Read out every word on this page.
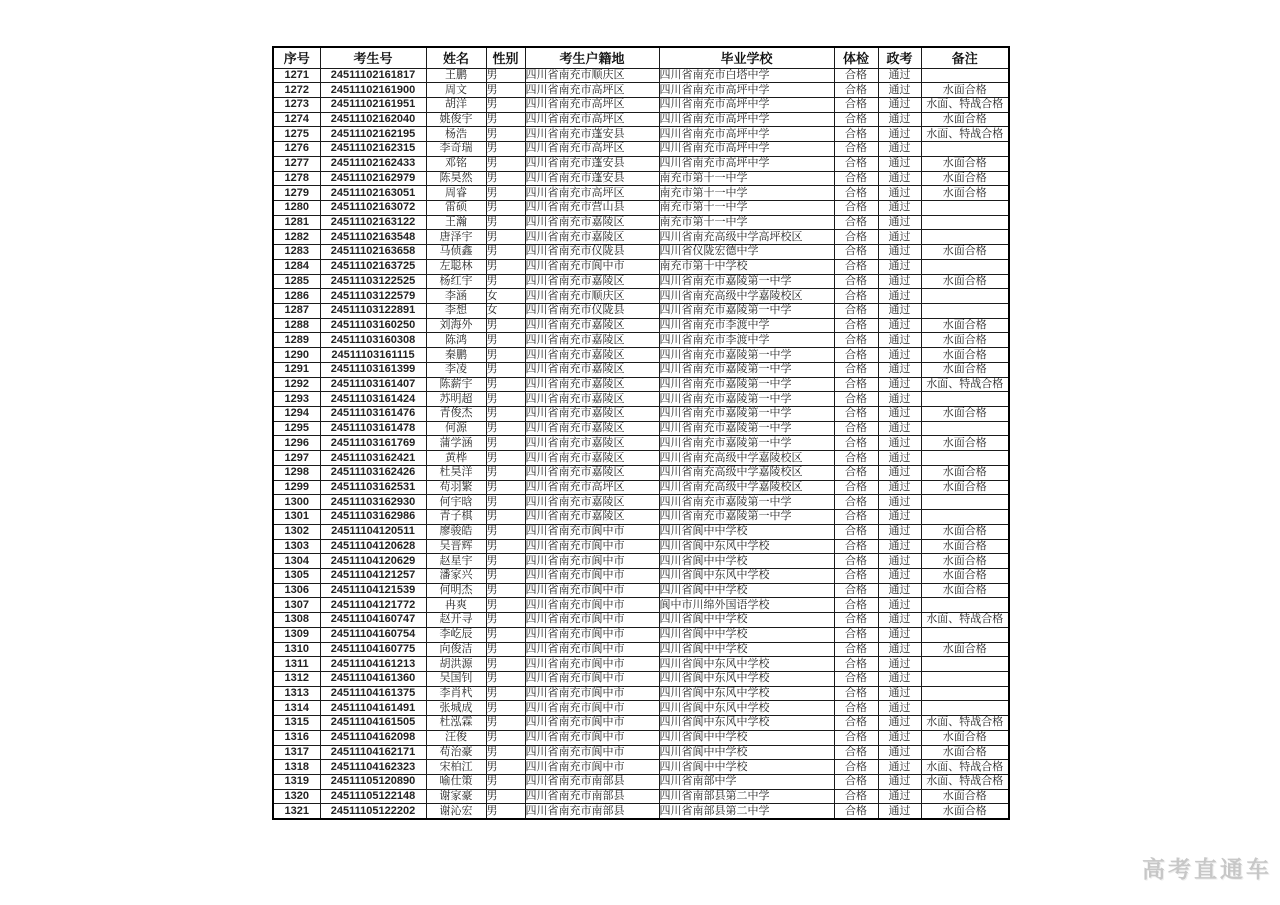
序号	考生号	姓名	性别	考生户籍地	毕业学校	体检	政考	备注
1271	24511102161817	王鹏	男	四川省南充市顺庆区	四川省南充市白塔中学	合格	通过	
1272	24511102161900	周文	男	四川省南充市高坪区	四川省南充市高坪中学	合格	通过	水面合格
1273	24511102161951	胡洋	男	四川省南充市高坪区	四川省南充市高坪中学	合格	通过	水面、特战合格
1274	24511102162040	姚俊宇	男	四川省南充市高坪区	四川省南充市高坪中学	合格	通过	水面合格
1275	24511102162195	杨浩	男	四川省南充市蓬安县	四川省南充市高坪中学	合格	通过	水面、特战合格
1276	24511102162315	李奇瑞	男	四川省南充市高坪区	四川省南充市高坪中学	合格	通过	
1277	24511102162433	邓铭	男	四川省南充市蓬安县	四川省南充市高坪中学	合格	通过	水面合格
1278	24511102162979	陈昊然	男	四川省南充市蓬安县	南充市第十一中学	合格	通过	水面合格
1279	24511102163051	周睿	男	四川省南充市高坪区	南充市第十一中学	合格	通过	水面合格
1280	24511102163072	雷硕	男	四川省南充市营山县	南充市第十一中学	合格	通过	
1281	24511102163122	王瀚	男	四川省南充市嘉陵区	南充市第十一中学	合格	通过	
1282	24511102163548	唐泽宇	男	四川省南充市嘉陵区	四川省南充高级中学高坪校区	合格	通过	
1283	24511102163658	马侦鑫	男	四川省南充市仪陇县	四川省仪陇宏德中学	合格	通过	水面合格
1284	24511102163725	左聪林	男	四川省南充市阆中市	南充市第十中学校	合格	通过	
1285	24511103122525	杨红宇	男	四川省南充市嘉陵区	四川省南充市嘉陵第一中学	合格	通过	水面合格
1286	24511103122579	李涵	女	四川省南充市顺庆区	四川省南充高级中学嘉陵校区	合格	通过	
1287	24511103122891	李想	女	四川省南充市仪陇县	四川省南充市嘉陵第一中学	合格	通过	
1288	24511103160250	刘海外	男	四川省南充市嘉陵区	四川省南充市李渡中学	合格	通过	水面合格
1289	24511103160308	陈鸿	男	四川省南充市嘉陵区	四川省南充市李渡中学	合格	通过	水面合格
1290	24511103161115	秦鹏	男	四川省南充市嘉陵区	四川省南充市嘉陵第一中学	合格	通过	水面合格
1291	24511103161399	李凌	男	四川省南充市嘉陵区	四川省南充市嘉陵第一中学	合格	通过	水面合格
1292	24511103161407	陈薪宇	男	四川省南充市嘉陵区	四川省南充市嘉陵第一中学	合格	通过	水面、特战合格
1293	24511103161424	苏明超	男	四川省南充市嘉陵区	四川省南充市嘉陵第一中学	合格	通过	
1294	24511103161476	青俊杰	男	四川省南充市嘉陵区	四川省南充市嘉陵第一中学	合格	通过	水面合格
1295	24511103161478	何源	男	四川省南充市嘉陵区	四川省南充市嘉陵第一中学	合格	通过	
1296	24511103161769	蒲学涵	男	四川省南充市嘉陵区	四川省南充市嘉陵第一中学	合格	通过	水面合格
1297	24511103162421	黄桦	男	四川省南充市嘉陵区	四川省南充高级中学嘉陵校区	合格	通过	
1298	24511103162426	杜昊洋	男	四川省南充市嘉陵区	四川省南充高级中学嘉陵校区	合格	通过	水面合格
1299	24511103162531	苟羽繁	男	四川省南充市高坪区	四川省南充高级中学嘉陵校区	合格	通过	水面合格
1300	24511103162930	何宇晗	男	四川省南充市嘉陵区	四川省南充市嘉陵第一中学	合格	通过	
1301	24511103162986	青子棋	男	四川省南充市嘉陵区	四川省南充市嘉陵第一中学	合格	通过	
1302	24511104120511	廖骏皓	男	四川省南充市阆中市	四川省阆中中学校	合格	通过	水面合格
1303	24511104120628	吴晋辉	男	四川省南充市阆中市	四川省阆中东风中学校	合格	通过	水面合格
1304	24511104120629	赵星宇	男	四川省南充市阆中市	四川省阆中中学校	合格	通过	水面合格
1305	24511104121257	潘家兴	男	四川省南充市阆中市	四川省阆中东风中学校	合格	通过	水面合格
1306	24511104121539	何明杰	男	四川省南充市阆中市	四川省阆中中学校	合格	通过	水面合格
1307	24511104121772	冉爽	男	四川省南充市阆中市	阆中市川绵外国语学校	合格	通过	
1308	24511104160747	赵开寻	男	四川省南充市阆中市	四川省阆中中学校	合格	通过	水面、特战合格
1309	24511104160754	李屹辰	男	四川省南充市阆中市	四川省阆中中学校	合格	通过	
1310	24511104160775	向俊洁	男	四川省南充市阆中市	四川省阆中中学校	合格	通过	水面合格
1311	24511104161213	胡洪源	男	四川省南充市阆中市	四川省阆中东风中学校	合格	通过	
1312	24511104161360	吴国钊	男	四川省南充市阆中市	四川省阆中东风中学校	合格	通过	
1313	24511104161375	李肖杙	男	四川省南充市阆中市	四川省阆中东风中学校	合格	通过	
1314	24511104161491	张城成	男	四川省南充市阆中市	四川省阆中东风中学校	合格	通过	
1315	24511104161505	杜泓霖	男	四川省南充市阆中市	四川省阆中东风中学校	合格	通过	水面、特战合格
1316	24511104162098	汪俊	男	四川省南充市阆中市	四川省阆中中学校	合格	通过	水面合格
1317	24511104162171	苟治豪	男	四川省南充市阆中市	四川省阆中中学校	合格	通过	水面合格
1318	24511104162323	宋柏江	男	四川省南充市阆中市	四川省阆中中学校	合格	通过	水面、特战合格
1319	24511105120890	喻仕策	男	四川省南充市南部县	四川省南部中学	合格	通过	水面、特战合格
1320	24511105122148	谢家豪	男	四川省南充市南部县	四川省南部县第二中学	合格	通过	水面合格
1321	24511105122202	谢沁宏	男	四川省南充市南部县	四川省南部县第二中学	合格	通过	水面合格
高考直通车
